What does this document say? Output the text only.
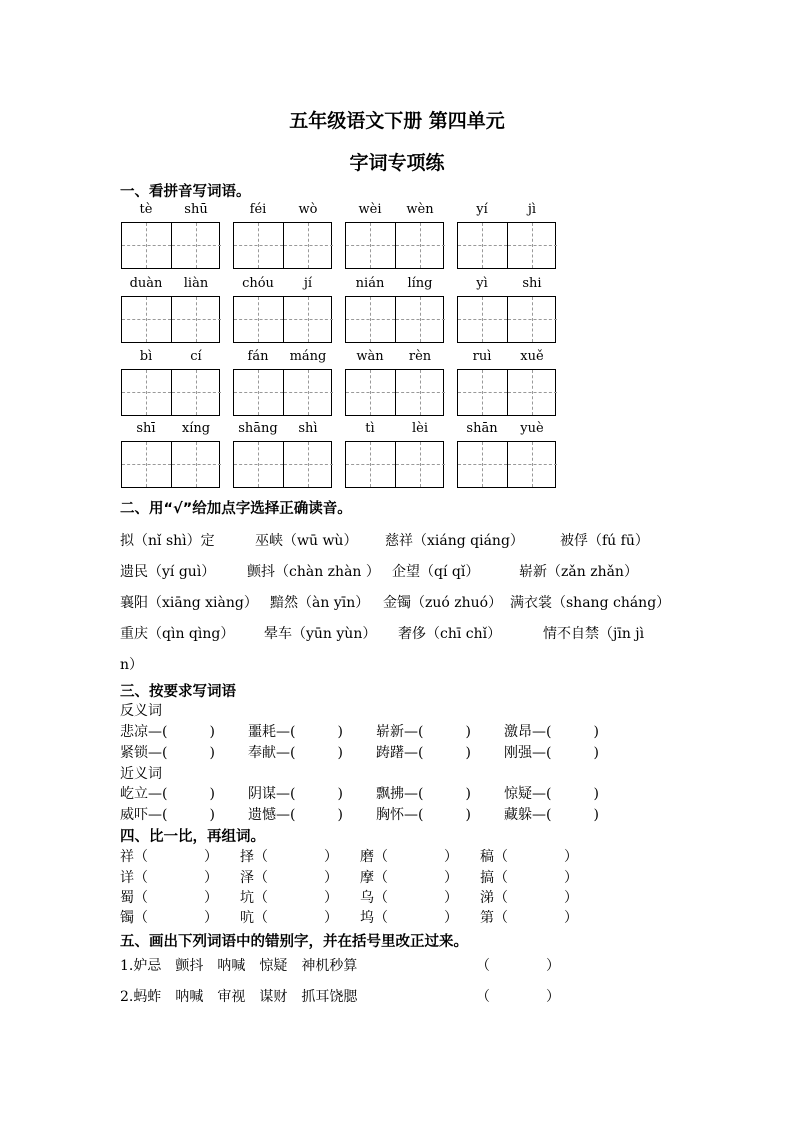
五年级语文下册 第四单元
字词专项练
一、看拼音写词语。
tè	shū	féi	wò	wèi	wèn	yí	jì
duàn	liàn	chóu	jí	nián	líng	yì	shi
bì	cí	fán	máng	wàn	rèn	ruì	xuě
shī	xíng	shāng	shì	tì	lèi	shān	yuè
二、用“√”给加点字选择正确读音。
拟（nǐ shì）定	巫峡（wū wù） 慈祥（xiáng qiáng）	被俘（fú fū）
遗民（yí guì） 颤抖（chàn zhàn ） 企望（qí qǐ）	崭新（zǎn zhǎn）
襄阳（xiāng xiàng） 黯然（àn yīn） 金镯（zuó zhuó） 满衣裳（shang cháng）
重庆（qìn qìng） 晕车（yūn yùn） 奢侈（chī chǐ）	情不自禁（jīn jì
n）
三、按要求写词语
反义词
悲凉—(　　　) 噩耗—(　　　) 崭新—(　　　) 激昂—(　　　)
紧锁—(　　　) 奉献—(　　　) 踌躇—(　　　) 刚强—(　　　)
近义词
屹立—(　　　) 阴谋—(　　　) 飘拂—(　　　) 惊疑—(　　　)
威吓—(　　　) 遗憾—(　　　) 胸怀—(　　　) 藏躲—(　　　)
四、比一比，再组词。
祥（　　　　） 择（　　　　） 磨（　　　　） 稿（　　　　）
详（　　　　） 泽（　　　　） 摩（　　　　） 搞（　　　　）
蜀（　　　　） 坑（　　　　） 乌（　　　　） 涕（　　　　）
镯（　　　　） 吭（　　　　） 坞（　　　　） 第（　　　　）
五、画出下列词语中的错别字，并在括号里改正过来。
1.妒忌　颤抖　呐喊　惊疑　神机秒算	（　　　　）
2.蚂蚱　呐喊　审视　谋财　抓耳饶腮	（　　　　）
